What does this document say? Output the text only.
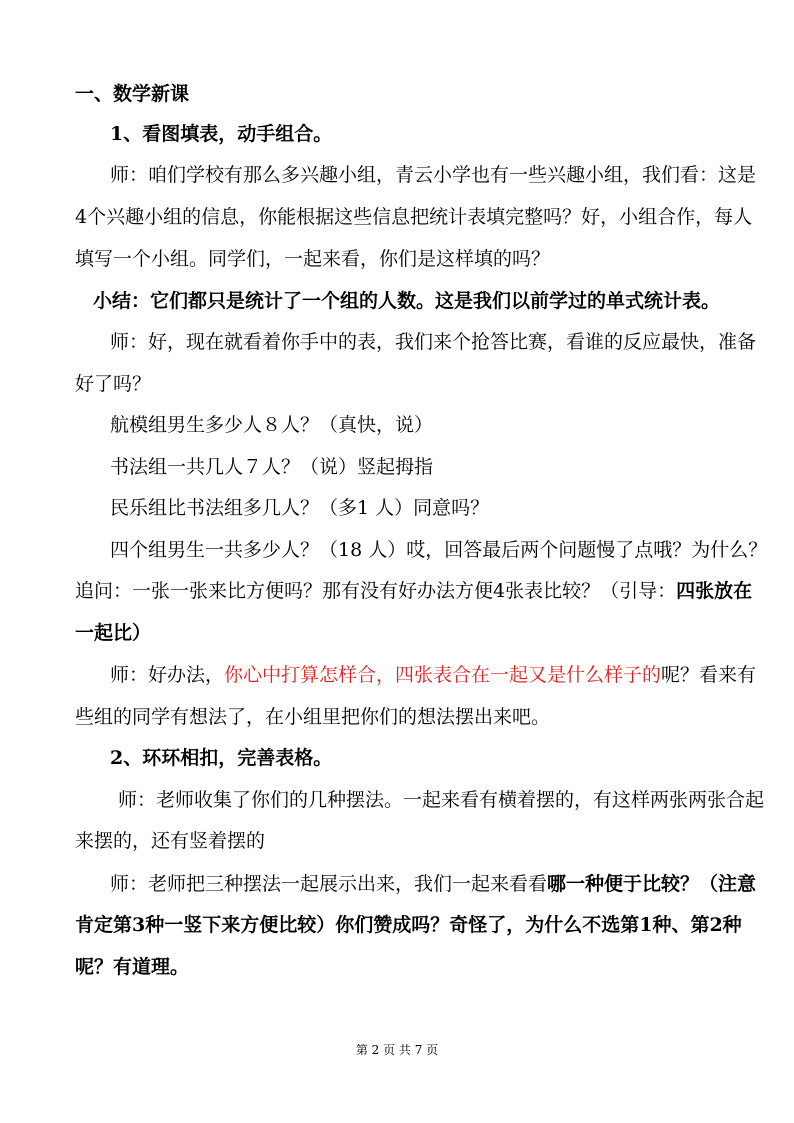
一、数学新课
1、看图填表，动手组合。
师：咱们学校有那么多兴趣小组，青云小学也有一些兴趣小组，我们看：这是
4个兴趣小组的信息，你能根据这些信息把统计表填完整吗？好，小组合作，每人
填写一个小组。同学们，一起来看，你们是这样填的吗？
小结：它们都只是统计了一个组的人数。这是我们以前学过的单式统计表。
师：好，现在就看着你手中的表，我们来个抢答比赛，看谁的反应最快，准备
好了吗？
航模组男生多少人８人？（真快，说）
书法组一共几人７人？（说）竖起拇指
民乐组比书法组多几人？（多1 人）同意吗？
四个组男生一共多少人？（18 人）哎，回答最后两个问题慢了点哦？为什么？
追问：一张一张来比方便吗？那有没有好办法方便4张表比较？（引导：四张放在
一起比）
师：好办法，你心中打算怎样合，四张表合在一起又是什么样子的呢？看来有
些组的同学有想法了，在小组里把你们的想法摆出来吧。
2、环环相扣，完善表格。
师：老师收集了你们的几种摆法。一起来看有横着摆的，有这样两张两张合起
来摆的，还有竖着摆的
师：老师把三种摆法一起展示出来，我们一起来看看哪一种便于比较？（注意
肯定第3种一竖下来方便比较）你们赞成吗？奇怪了，为什么不选第1种、第2种
呢？有道理。
第 2 页 共 7 页
